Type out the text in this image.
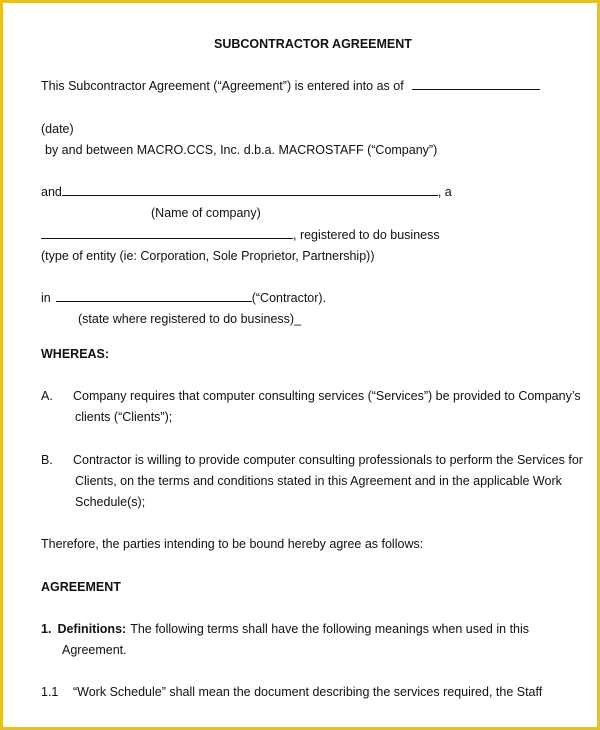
SUBCONTRACTOR AGREEMENT
This Subcontractor Agreement (“Agreement”) is entered into as of
(date)
by and between MACRO.CCS, Inc. d.b.a. MACROSTAFF (“Company”)
and	, a
(Name of company)
, registered to do business
(type of entity (ie: Corporation, Sole Proprietor, Partnership))
in	(“Contractor).
(state where registered to do business)_
WHEREAS:
A. Company requires that computer consulting services (“Services”) be provided to Company’s
clients (“Clients”);
B. Contractor is willing to provide computer consulting professionals to perform the Services for
Clients, on the terms and conditions stated in this Agreement and in the applicable Work
Schedule(s);
Therefore, the parties intending to be bound hereby agree as follows:
AGREEMENT
1. Definitions: The following terms shall have the following meanings when used in this
Agreement.
1.1 “Work Schedule” shall mean the document describing the services required, the Staff
